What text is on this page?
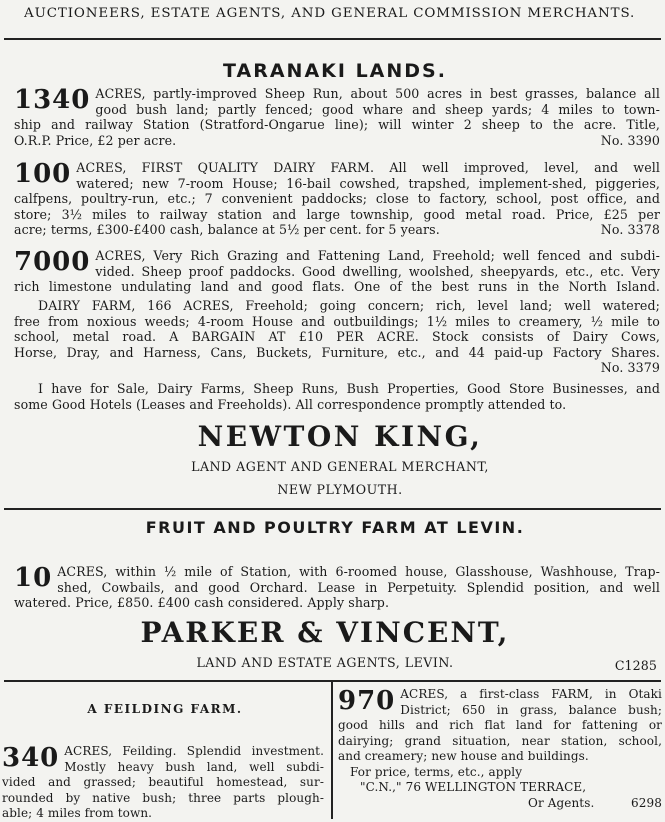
AUCTIONEERS, ESTATE AGENTS, AND GENERAL COMMISSION MERCHANTS.
TARANAKI LANDS.
1340 ACRES, partly-improved Sheep Run, about 500 acres in best grasses, balance all
good bush land; partly fenced; good whare and sheep yards; 4 miles to town-
ship and railway Station (Stratford-Ongarue line); will winter 2 sheep to the acre. Title,
O.R.P. Price, £2 per acre.	No. 3390
100 ACRES, FIRST QUALITY DAIRY FARM. All well improved, level, and well
watered; new 7-room House; 16-bail cowshed, trapshed, implement-shed, piggeries,
calfpens, poultry-run, etc.; 7 convenient paddocks; close to factory, school, post office, and
store; 3½ miles to railway station and large township, good metal road. Price, £25 per
acre; terms, £300-£400 cash, balance at 5½ per cent. for 5 years.	No. 3378
7000 ACRES, Very Rich Grazing and Fattening Land, Freehold; well fenced and subdi-
vided. Sheep proof paddocks. Good dwelling, woolshed, sheepyards, etc., etc. Very
rich limestone undulating land and good flats. One of the best runs in the North Island.
DAIRY FARM, 166 ACRES, Freehold; going concern; rich, level land; well watered;
free from noxious weeds; 4-room House and outbuildings; 1½ miles to creamery, ½ mile to
school, metal road. A BARGAIN AT £10 PER ACRE. Stock consists of Dairy Cows,
Horse, Dray, and Harness, Cans, Buckets, Furniture, etc., and 44 paid-up Factory Shares.
No. 3379
I have for Sale, Dairy Farms, Sheep Runs, Bush Properties, Good Store Businesses, and
some Good Hotels (Leases and Freeholds). All correspondence promptly attended to.
NEWTON KING,
LAND AGENT AND GENERAL MERCHANT,
NEW PLYMOUTH.
FRUIT AND POULTRY FARM AT LEVIN.
10 ACRES, within ½ mile of Station, with 6-roomed house, Glasshouse, Washhouse, Trap-
shed, Cowbails, and good Orchard. Lease in Perpetuity. Splendid position, and well
watered. Price, £850. £400 cash considered. Apply sharp.
PARKER & VINCENT,
LAND AND ESTATE AGENTS, LEVIN.	C1285
A FEILDING FARM.
340 ACRES, Feilding. Splendid investment.
Mostly heavy bush land, well subdi-
vided and grassed; beautiful homestead, sur-
rounded by native bush; three parts plough-
able; 4 miles from town.
970 ACRES, a first-class FARM, in Otaki
District; 650 in grass, balance bush;
good hills and rich flat land for fattening or
dairying; grand situation, near station, school,
and creamery; new house and buildings.
For price, terms, etc., apply
"C.N.," 76 WELLINGTON TERRACE,
Or Agents.	6298
